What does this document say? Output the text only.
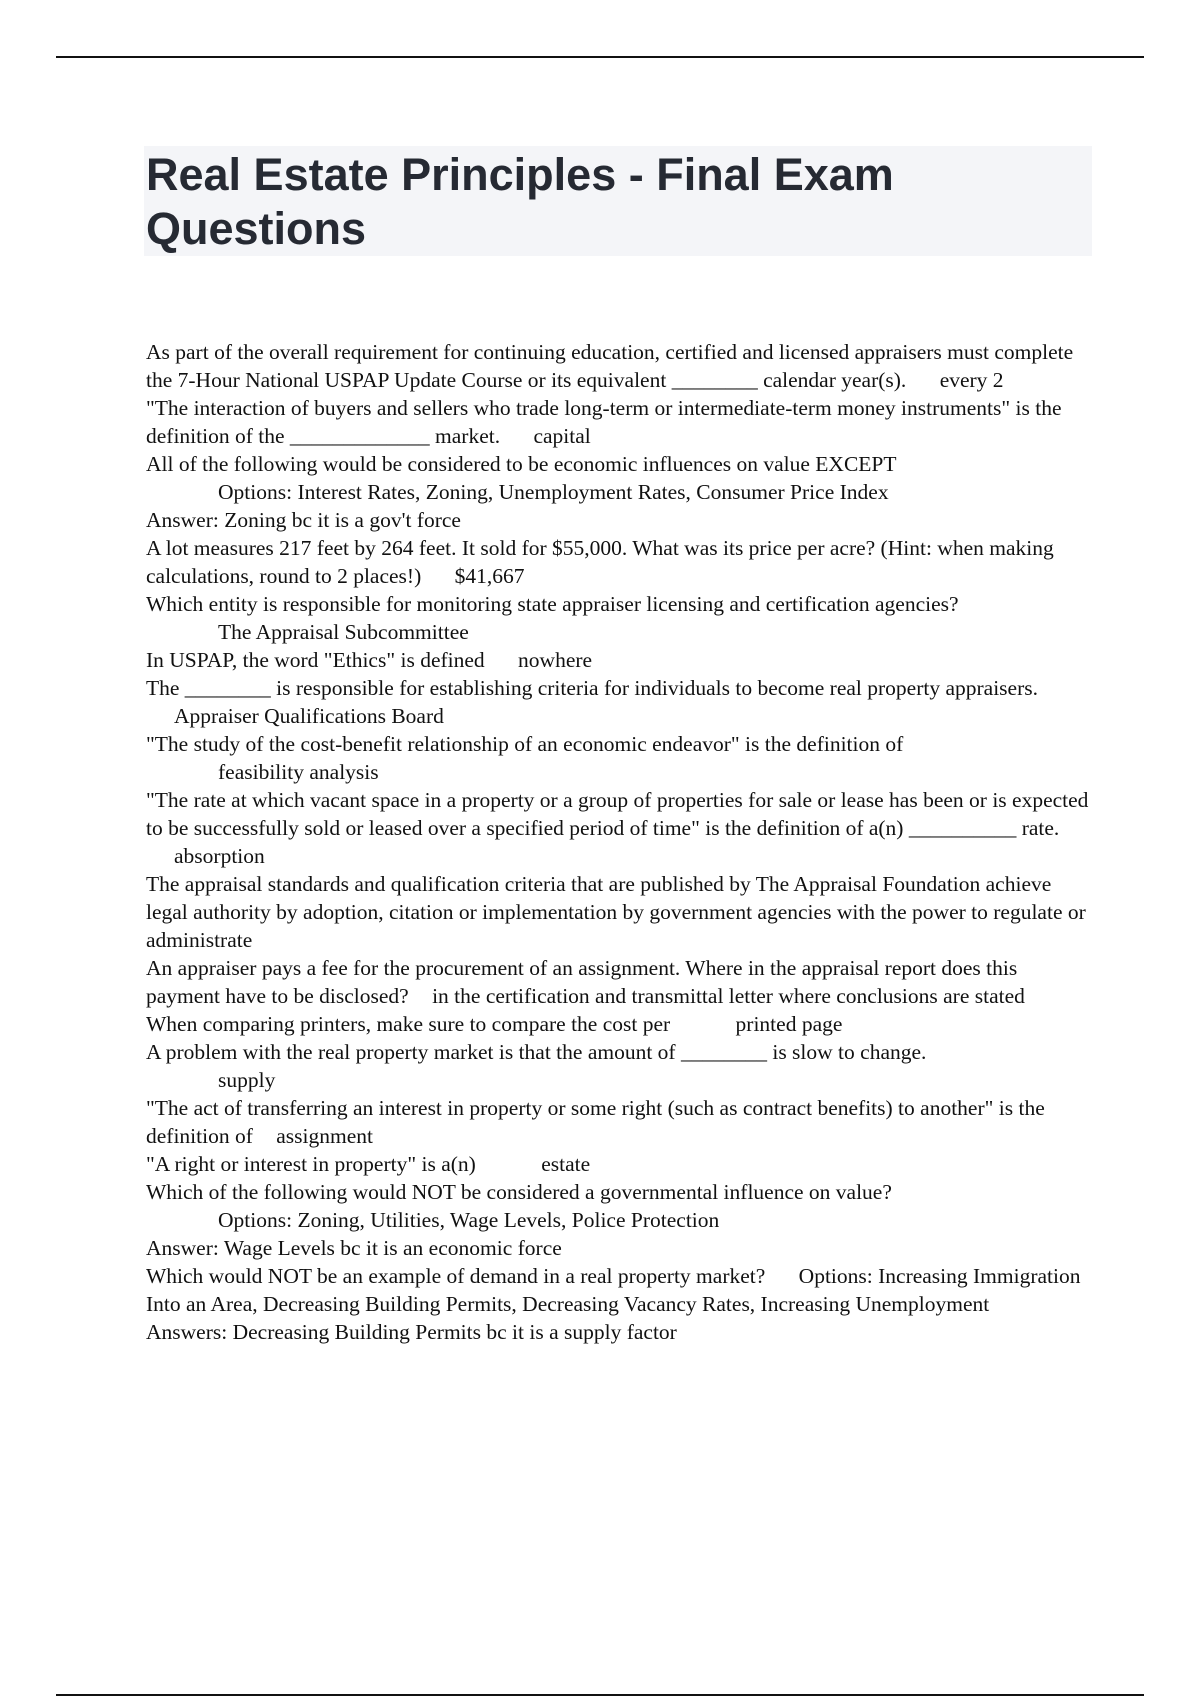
Real Estate Principles - Final Exam
Questions

As part of the overall requirement for continuing education, certified and licensed appraisers must complete the 7-Hour National USPAP Update Course or its equivalent ________ calendar year(s). every 2

"The interaction of buyers and sellers who trade long-term or intermediate-term money instruments" is the definition of the _____________ market. capital

All of the following would be considered to be economic influences on value EXCEPT
Options: Interest Rates, Zoning, Unemployment Rates, Consumer Price Index
Answer: Zoning bc it is a gov't force

A lot measures 217 feet by 264 feet. It sold for $55,000. What was its price per acre? (Hint: when making calculations, round to 2 places!) $41,667

Which entity is responsible for monitoring state appraiser licensing and certification agencies?
The Appraisal Subcommittee

In USPAP, the word "Ethics" is defined nowhere

The ________ is responsible for establishing criteria for individuals to become real property appraisers. Appraiser Qualifications Board

"The study of the cost-benefit relationship of an economic endeavor" is the definition of
feasibility analysis

"The rate at which vacant space in a property or a group of properties for sale or lease has been or is expected to be successfully sold or leased over a specified period of time" is the definition of a(n) __________ rate. absorption

The appraisal standards and qualification criteria that are published by The Appraisal Foundation achieve legal authority by adoption, citation or implementation by government agencies with the power to regulate or administrate

An appraiser pays a fee for the procurement of an assignment. Where in the appraisal report does this payment have to be disclosed? in the certification and transmittal letter where conclusions are stated

When comparing printers, make sure to compare the cost per	printed page

A problem with the real property market is that the amount of ________ is slow to change.
supply

"The act of transferring an interest in property or some right (such as contract benefits) to another" is the definition of assignment

"A right or interest in property" is a(n)	estate

Which of the following would NOT be considered a governmental influence on value?
Options: Zoning, Utilities, Wage Levels, Police Protection
Answer: Wage Levels bc it is an economic force

Which would NOT be an example of demand in a real property market? Options: Increasing Immigration Into an Area, Decreasing Building Permits, Decreasing Vacancy Rates, Increasing Unemployment
Answers: Decreasing Building Permits bc it is a supply factor
